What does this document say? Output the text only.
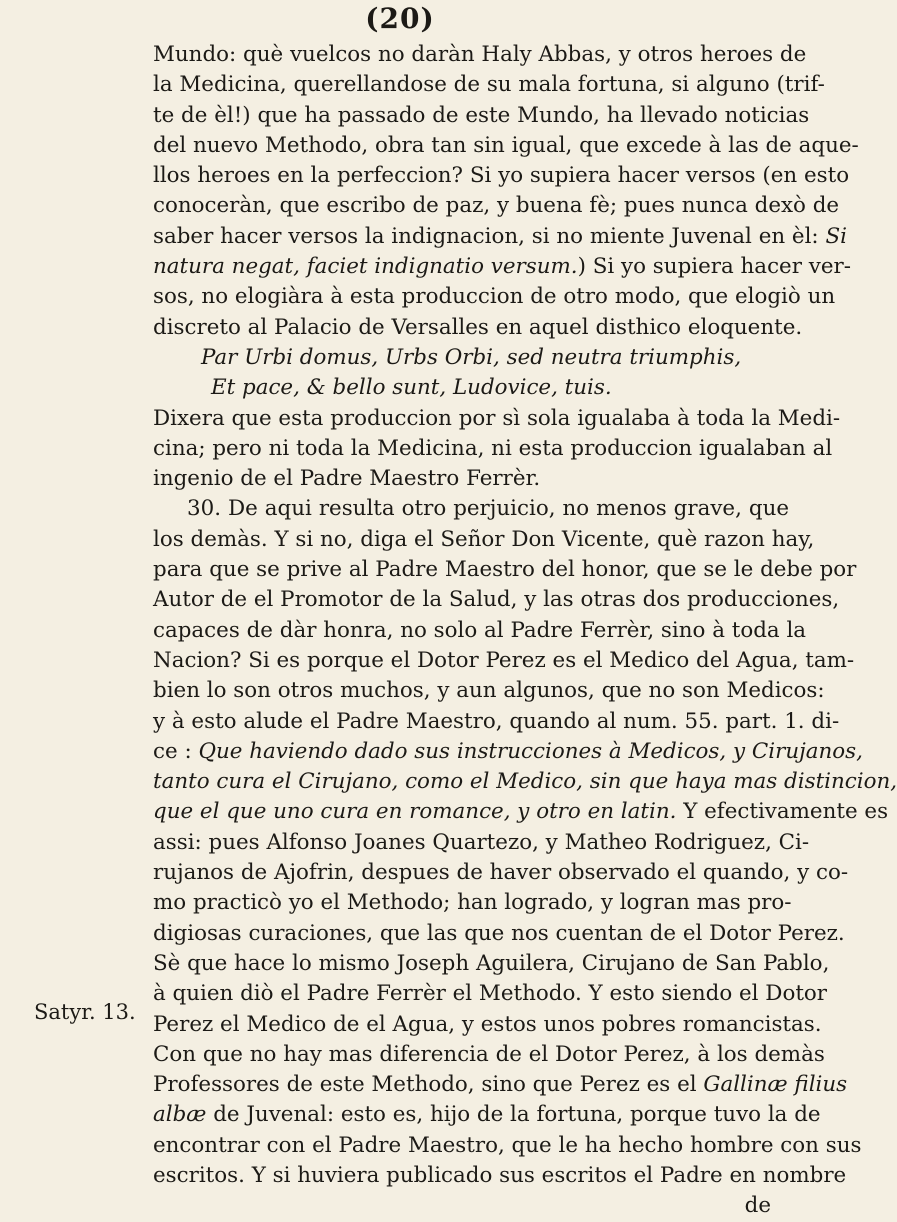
(20)
Satyr. 13.
Mundo: què vuelcos no daràn Haly Abbas, y otros heroes de
la Medicina, querellandose de su mala fortuna, si alguno (trif-
te de èl!) que ha passado de este Mundo, ha llevado noticias
del nuevo Methodo, obra tan sin igual, que excede à las de aque-
llos heroes en la perfeccion? Si yo supiera hacer versos (en esto
conoceràn, que escribo de paz, y buena fè; pues nunca dexò de
saber hacer versos la indignacion, si no miente Juvenal en èl: Si
natura negat, faciet indignatio versum.) Si yo supiera hacer ver-
sos, no elogiàra à esta produccion de otro modo, que elogiò un
discreto al Palacio de Versalles en aquel disthico eloquente.
Par Urbi domus, Urbs Orbi, sed neutra triumphis,
Et pace, & bello sunt, Ludovice, tuis.
Dixera que esta produccion por sì sola igualaba à toda la Medi-
cina; pero ni toda la Medicina, ni esta produccion igualaban al
ingenio de el Padre Maestro Ferrèr.
30. De aqui resulta otro perjuicio, no menos grave, que
los demàs. Y si no, diga el Señor Don Vicente, què razon hay,
para que se prive al Padre Maestro del honor, que se le debe por
Autor de el Promotor de la Salud, y las otras dos producciones,
capaces de dàr honra, no solo al Padre Ferrèr, sino à toda la
Nacion? Si es porque el Dotor Perez es el Medico del Agua, tam-
bien lo son otros muchos, y aun algunos, que no son Medicos:
y à esto alude el Padre Maestro, quando al num. 55. part. 1. di-
ce : Que haviendo dado sus instrucciones à Medicos, y Cirujanos,
tanto cura el Cirujano, como el Medico, sin que haya mas distincion,
que el que uno cura en romance, y otro en latin. Y efectivamente es
assi: pues Alfonso Joanes Quartezo, y Matheo Rodriguez, Ci-
rujanos de Ajofrin, despues de haver observado el quando, y co-
mo practicò yo el Methodo; han logrado, y logran mas pro-
digiosas curaciones, que las que nos cuentan de el Dotor Perez.
Sè que hace lo mismo Joseph Aguilera, Cirujano de San Pablo,
à quien diò el Padre Ferrèr el Methodo. Y esto siendo el Dotor
Perez el Medico de el Agua, y estos unos pobres romancistas.
Con que no hay mas diferencia de el Dotor Perez, à los demàs
Professores de este Methodo, sino que Perez es el Gallinæ filius
albæ de Juvenal: esto es, hijo de la fortuna, porque tuvo la de
encontrar con el Padre Maestro, que le ha hecho hombre con sus
escritos. Y si huviera publicado sus escritos el Padre en nombre
de
